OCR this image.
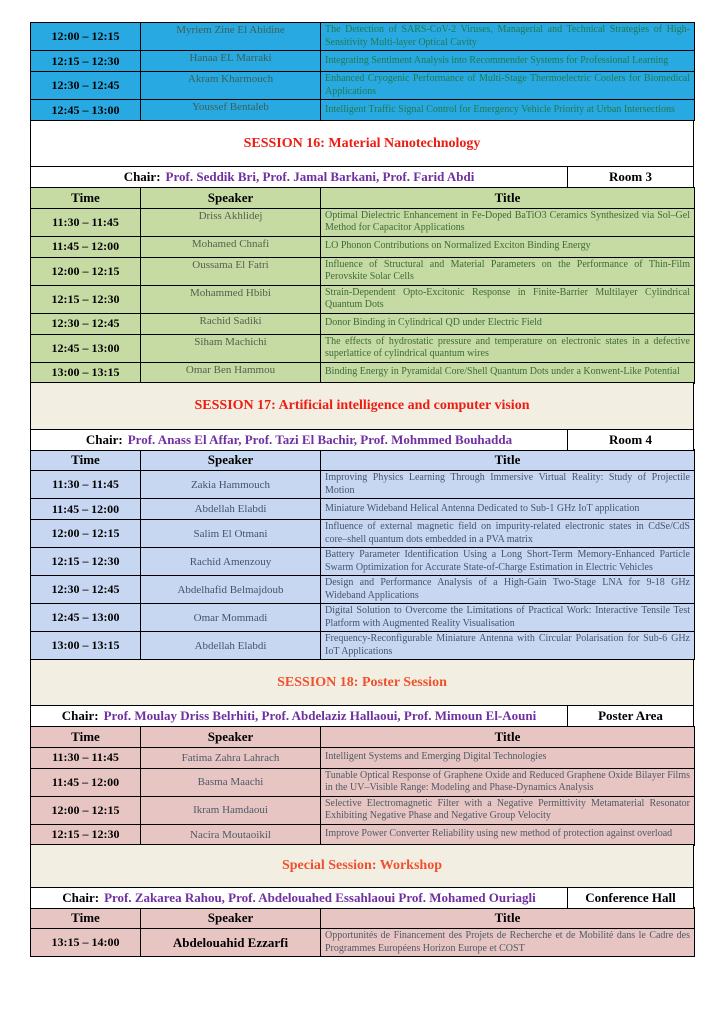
12:00 – 12:15	Myriem Zine El Abidine	The Detection of SARS-CoV-2 Viruses, Managerial and Technical Strategies of High-Sensitivity Multi-layer Optical Cavity
12:15 – 12:30	Hanaa EL Marraki	Integrating Sentiment Analysis into Recommender Systems for Professional Learning
12:30 – 12:45	Akram Kharmouch	Enhanced Cryogenic Performance of Multi-Stage Thermoelectric Coolers for Biomedical Applications
12:45 – 13:00	Youssef Bentaleb	Intelligent Traffic Signal Control for Emergency Vehicle Priority at Urban Intersections
SESSION 16: Material Nanotechnology
Chair: Prof. Seddik Bri, Prof. Jamal Barkani, Prof. Farid Abdi	Room 3
Time	Speaker	Title
11:30 – 11:45	Driss Akhlidej	Optimal Dielectric Enhancement in Fe-Doped BaTiO3 Ceramics Synthesized via Sol–Gel Method for Capacitor Applications
11:45 – 12:00	Mohamed Chnafi	LO Phonon Contributions on Normalized Exciton Binding Energy
12:00 – 12:15	Oussama El Fatri	Influence of Structural and Material Parameters on the Performance of Thin-Film Perovskite Solar Cells
12:15 – 12:30	Mohammed Hbibi	Strain-Dependent Opto-Excitonic Response in Finite-Barrier Multilayer Cylindrical Quantum Dots
12:30 – 12:45	Rachid Sadiki	Donor Binding in Cylindrical QD under Electric Field
12:45 – 13:00	Siham Machichi	The effects of hydrostatic pressure and temperature on electronic states in a defective superlattice of cylindrical quantum wires
13:00 – 13:15	Omar Ben Hammou	Binding Energy in Pyramidal Core/Shell Quantum Dots under a Konwent-Like Potential
SESSION 17: Artificial intelligence and computer vision
Chair: Prof. Anass El Affar, Prof. Tazi El Bachir, Prof. Mohmmed Bouhadda	Room 4
Time	Speaker	Title
11:30 – 11:45	Zakia Hammouch	Improving Physics Learning Through Immersive Virtual Reality: Study of Projectile Motion
11:45 – 12:00	Abdellah Elabdi	Miniature Wideband Helical Antenna Dedicated to Sub-1 GHz IoT application
12:00 – 12:15	Salim El Otmani	Influence of external magnetic field on impurity-related electronic states in CdSe/CdS core–shell quantum dots embedded in a PVA matrix
12:15 – 12:30	Rachid Amenzouy	Battery Parameter Identification Using a Long Short-Term Memory-Enhanced Particle Swarm Optimization for Accurate State-of-Charge Estimation in Electric Vehicles
12:30 – 12:45	Abdelhafid Belmajdoub	Design and Performance Analysis of a High-Gain Two-Stage LNA for 9-18 GHz Wideband Applications
12:45 – 13:00	Omar Mommadi	Digital Solution to Overcome the Limitations of Practical Work: Interactive Tensile Test Platform with Augmented Reality Visualisation
13:00 – 13:15	Abdellah Elabdi	Frequency-Reconfigurable Miniature Antenna with Circular Polarisation for Sub-6 GHz IoT Applications
SESSION 18: Poster Session
Chair: Prof. Moulay Driss Belrhiti, Prof. Abdelaziz Hallaoui, Prof. Mimoun El-Aouni	Poster Area
Time	Speaker	Title
11:30 – 11:45	Fatima Zahra Lahrach	Intelligent Systems and Emerging Digital Technologies
11:45 – 12:00	Basma Maachi	Tunable Optical Response of Graphene Oxide and Reduced Graphene Oxide Bilayer Films in the UV–Visible Range: Modeling and Phase-Dynamics Analysis
12:00 – 12:15	Ikram Hamdaoui	Selective Electromagnetic Filter with a Negative Permittivity Metamaterial Resonator Exhibiting Negative Phase and Negative Group Velocity
12:15 – 12:30	Nacira Moutaoikil	Improve Power Converter Reliability using new method of protection against overload
Special Session: Workshop
Chair: Prof. Zakarea Rahou, Prof. Abdelouahed Essahlaoui Prof. Mohamed Ouriagli	Conference Hall
Time	Speaker	Title
13:15 – 14:00	Abdelouahid Ezzarfi	Opportunités de Financement des Projets de Recherche et de Mobilité dans le Cadre des Programmes Européens Horizon Europe et COST
